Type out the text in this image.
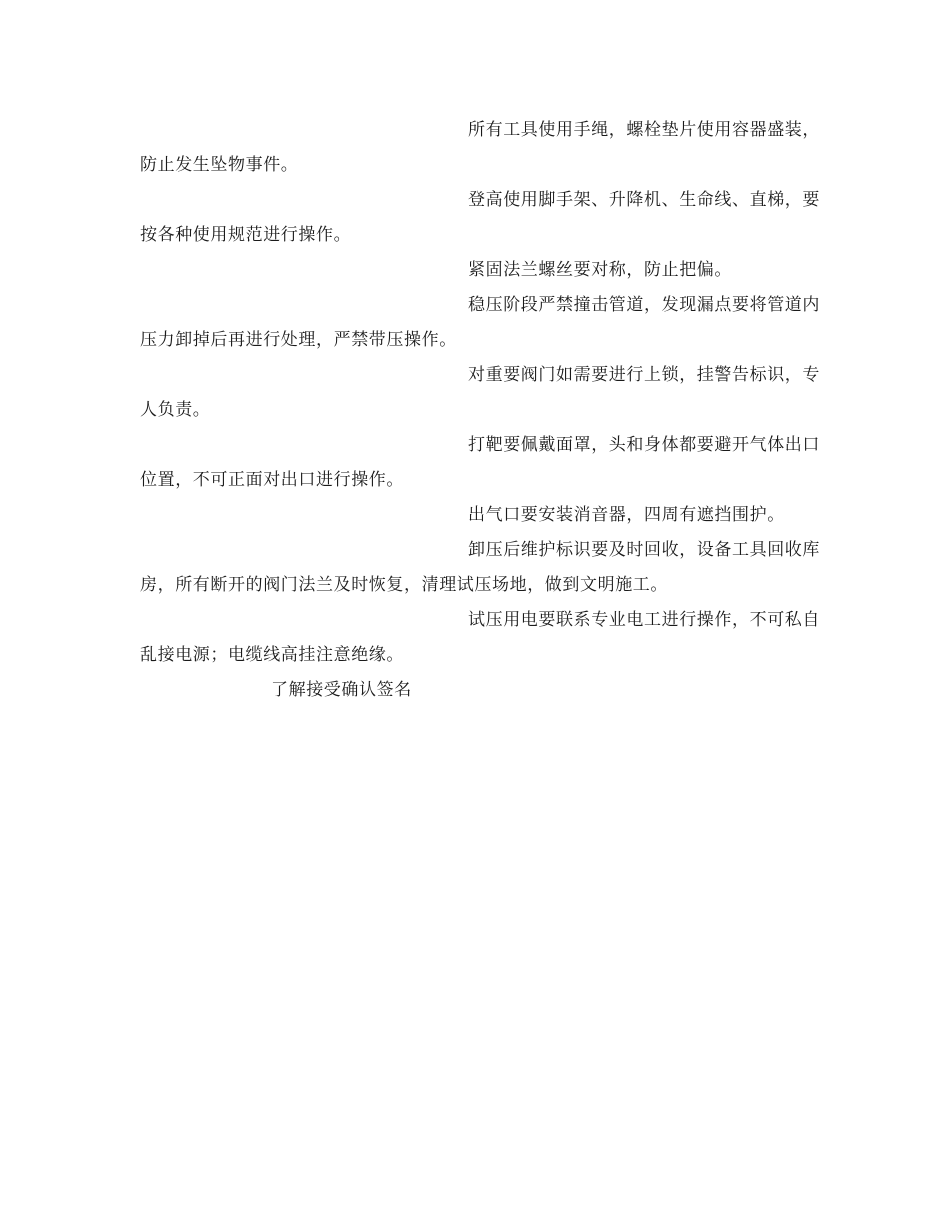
所有工具使用手绳，螺栓垫片使用容器盛装，防止发生坠物事件。

登高使用脚手架、升降机、生命线、直梯，要按各种使用规范进行操作。

紧固法兰螺丝要对称，防止把偏。

稳压阶段严禁撞击管道，发现漏点要将管道内压力卸掉后再进行处理，严禁带压操作。

对重要阀门如需要进行上锁，挂警告标识，专人负责。

打靶要佩戴面罩，头和身体都要避开气体出口位置，不可正面对出口进行操作。

出气口要安装消音器，四周有遮挡围护。

卸压后维护标识要及时回收，设备工具回收库房，所有断开的阀门法兰及时恢复，清理试压场地，做到文明施工。

试压用电要联系专业电工进行操作，不可私自乱接电源；电缆线高挂注意绝缘。

了解接受确认签名
